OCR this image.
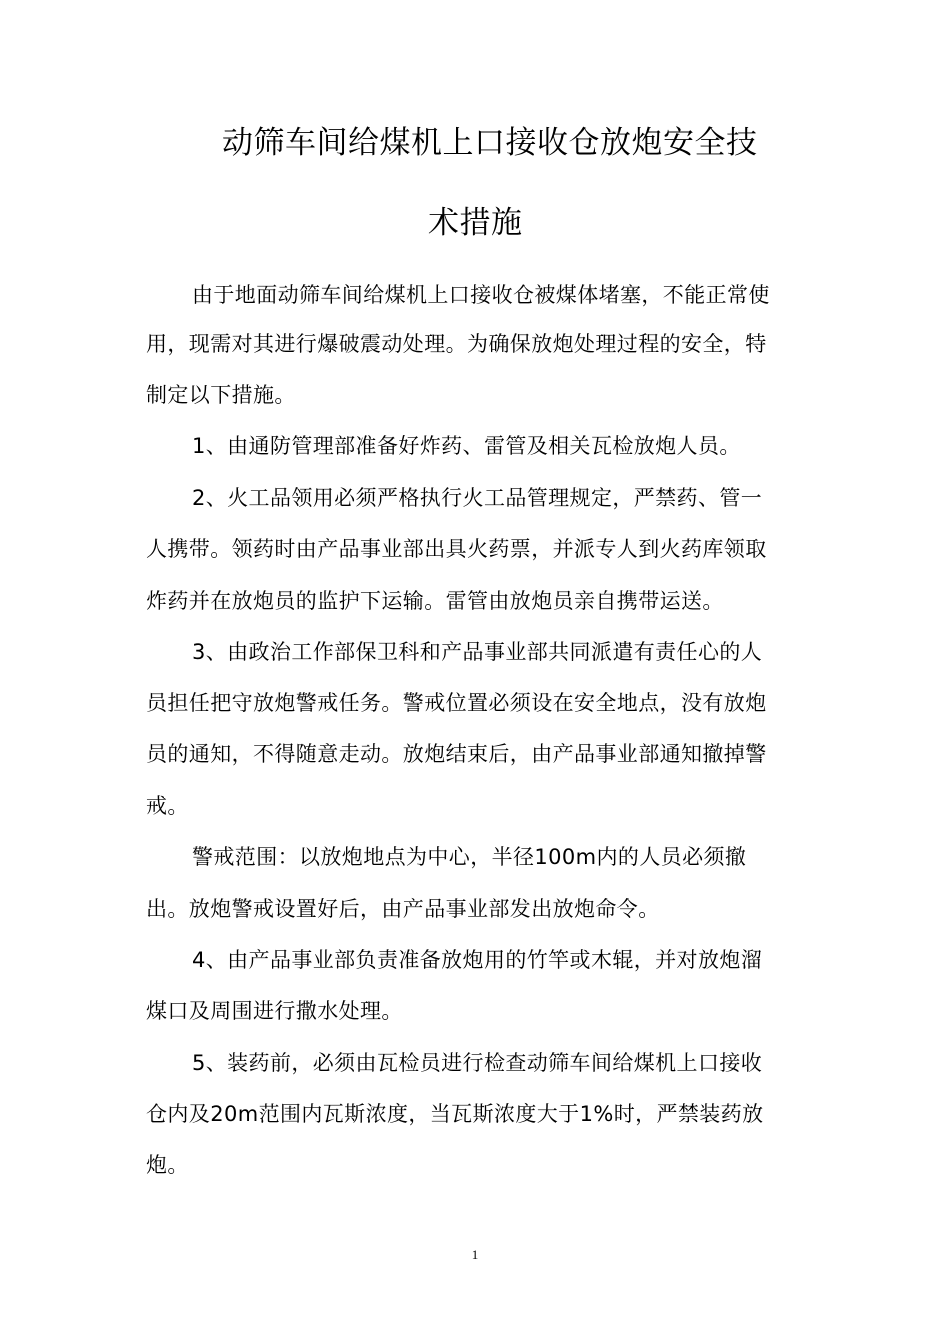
动筛车间给煤机上口接收仓放炮安全技
术措施
由于地面动筛车间给煤机上口接收仓被煤体堵塞，不能正常使
用，现需对其进行爆破震动处理。为确保放炮处理过程的安全，特
制定以下措施。
1、由通防管理部准备好炸药、雷管及相关瓦检放炮人员。
2、火工品领用必须严格执行火工品管理规定，严禁药、管一
人携带。领药时由产品事业部出具火药票，并派专人到火药库领取
炸药并在放炮员的监护下运输。雷管由放炮员亲自携带运送。
3、由政治工作部保卫科和产品事业部共同派遣有责任心的人
员担任把守放炮警戒任务。警戒位置必须设在安全地点，没有放炮
员的通知，不得随意走动。放炮结束后，由产品事业部通知撤掉警
戒。
警戒范围：以放炮地点为中心，半径100m内的人员必须撤
出。放炮警戒设置好后，由产品事业部发出放炮命令。
4、由产品事业部负责准备放炮用的竹竿或木辊，并对放炮溜
煤口及周围进行撒水处理。
5、装药前，必须由瓦检员进行检查动筛车间给煤机上口接收
仓内及20m范围内瓦斯浓度，当瓦斯浓度大于1%时，严禁装药放
炮。
1
